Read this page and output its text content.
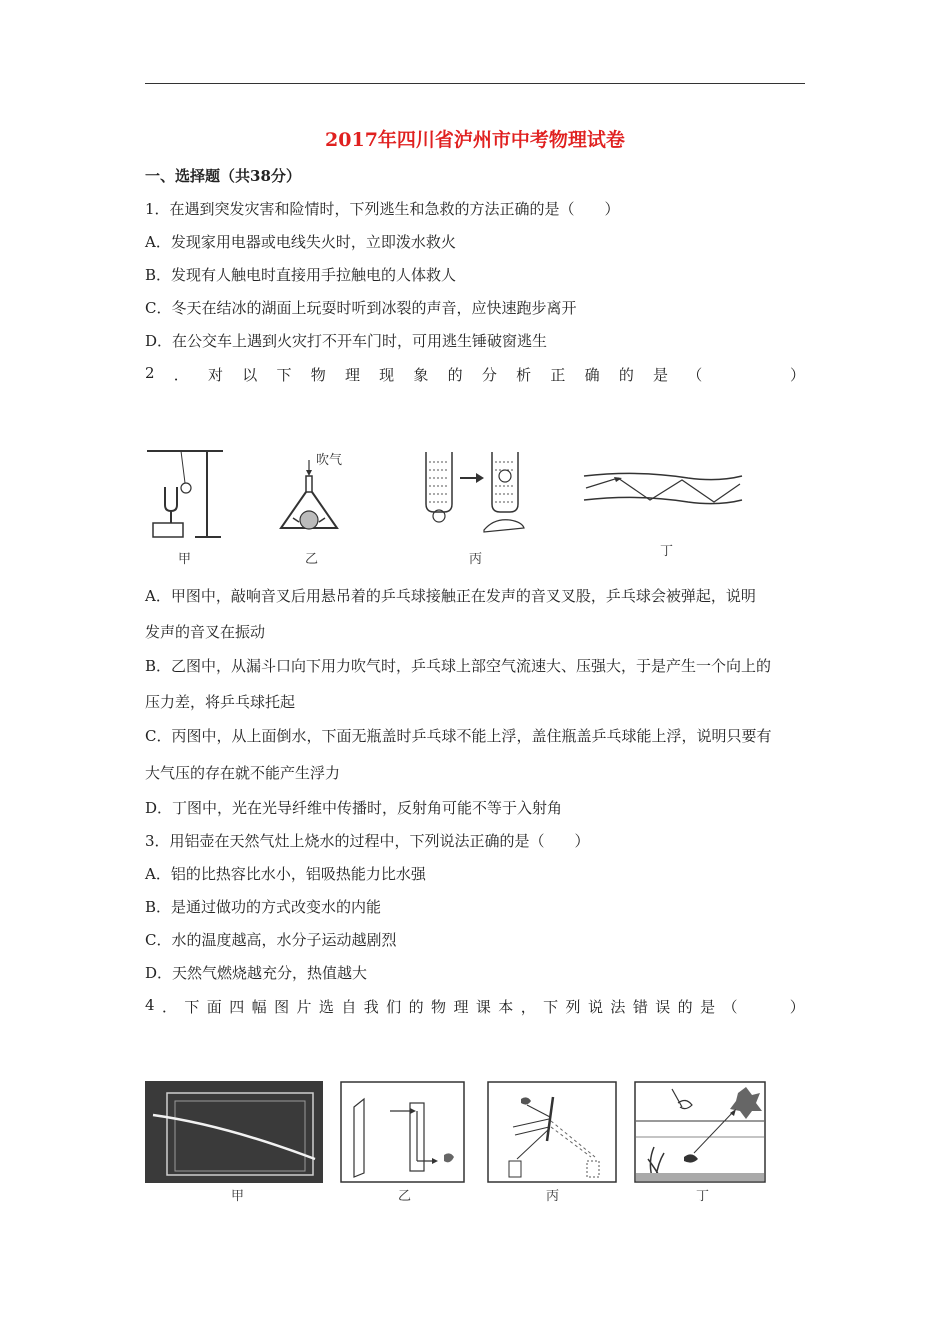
2017年四川省泸州市中考物理试卷
一、选择题（共38分）
1．在遇到突发灾害和险情时，下列逃生和急救的方法正确的是（　　）
A．发现家用电器或电线失火时，立即泼水救火
B．发现有人触电时直接用手拉触电的人体救人
C．冬天在结冰的湖面上玩耍时听到冰裂的声音，应快速跑步离开
D．在公交车上遇到火灾打不开车门时，可用逃生锤破窗逃生
2 ． 对 以 下 物 理 现 象 的 分 析 正 确 的 是 （

　	）
甲
吹气
乙	丙
丁
A．甲图中，敲响音叉后用悬吊着的乒乓球接触正在发声的音叉叉股，乒乓球会被弹起，说明
发声的音叉在振动
B．乙图中，从漏斗口向下用力吹气时，乒乓球上部空气流速大、压强大，于是产生一个向上的
压力差，将乒乓球托起
C．丙图中，从上面倒水，下面无瓶盖时乒乓球不能上浮，盖住瓶盖乒乓球能上浮，说明只要有
大气压的存在就不能产生浮力
D．丁图中，光在光导纤维中传播时，反射角可能不等于入射角
3．用铝壶在天然气灶上烧水的过程中，下列说法正确的是（　　）
A．铝的比热容比水小，铝吸热能力比水强
B．是通过做功的方式改变水的内能
C．水的温度越高，水分子运动越剧烈
D．天然气燃烧越充分，热值越大
4 ． 下 面 四 幅 图 片 选 自 我 们 的 物 理 课 本 ， 下 列 说 法 错 误 的 是 （

　	）
甲	乙	丙	丁
